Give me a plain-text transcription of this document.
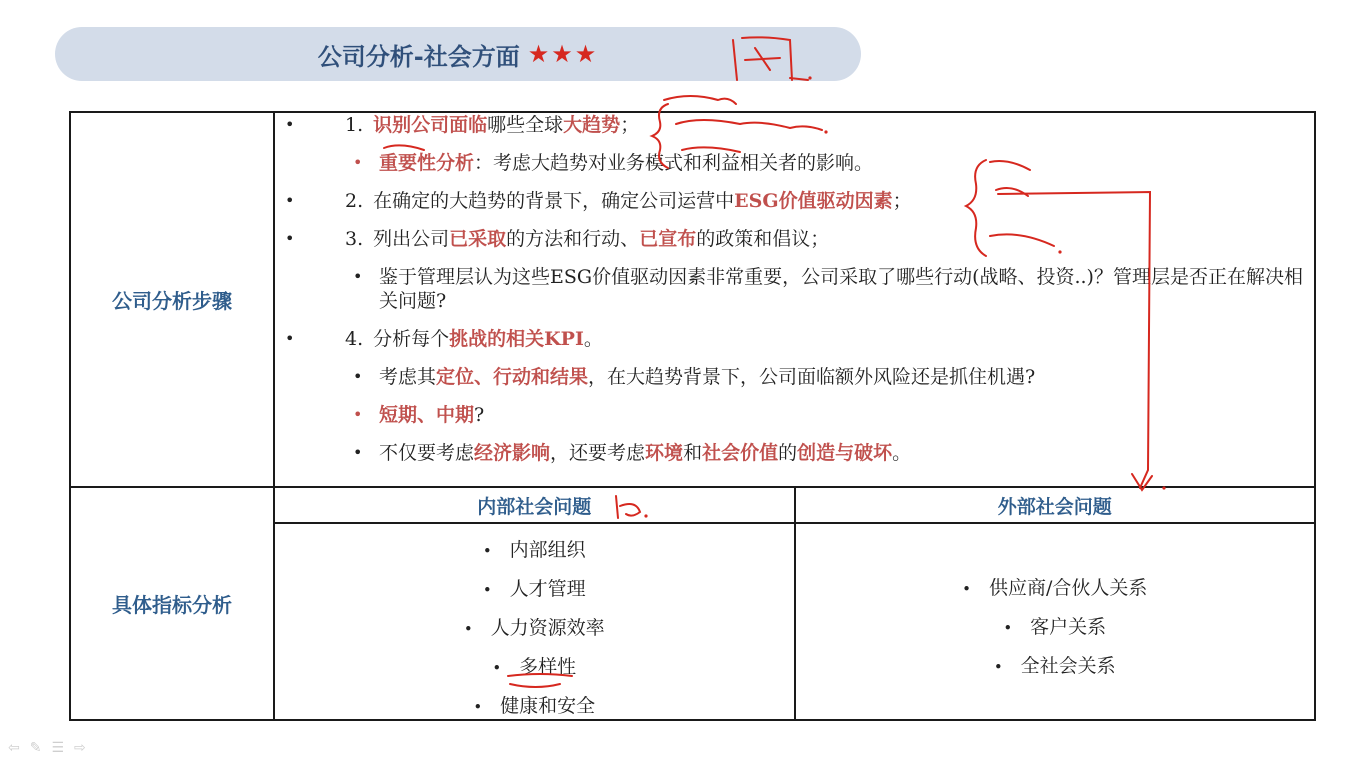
公司分析-社会方面 ★★★
公司分析步骤	
•	1. 识别公司面临哪些全球大趋势；
• 重要性分析：考虑大趋势对业务模式和利益相关者的影响。
•	2. 在确定的大趋势的背景下，确定公司运营中ESG价值驱动因素；
•	3. 列出公司已采取的方法和行动、已宣布的政策和倡议；
• 鉴于管理层认为这些ESG价值驱动因素非常重要，公司采取了哪些行动(战略、投资..)？管理层是否正在解决相关问题?
•	4. 分析每个挑战的相关KPI。
• 考虑其定位、行动和结果，在大趋势背景下，公司面临额外风险还是抓住机遇?
• 短期、中期?
• 不仅要考虑经济影响，还要考虑环境和社会价值的创造与破坏。

具体指标分析	
内部社会问题	外部社会问题

• 内部组织
• 人才管理
• 人力资源效率
• 多样性
• 健康和安全

• 供应商/合伙人关系
• 客户关系
• 全社会关系
⇦ ✎ ☰ ⇨
